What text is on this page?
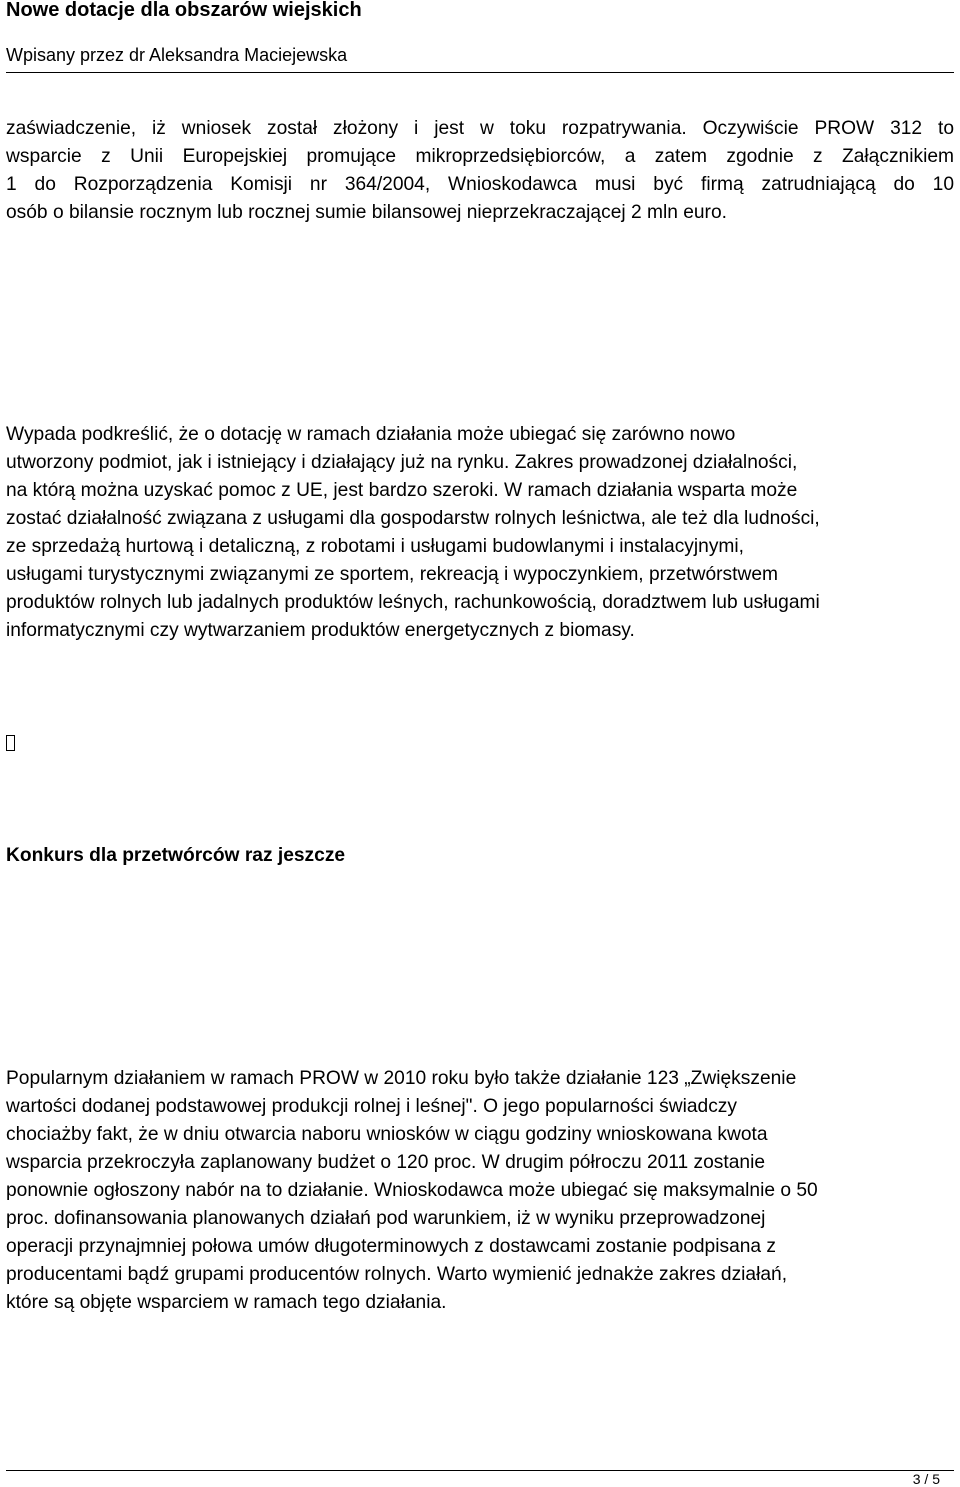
Nowe dotacje dla obszarów wiejskich
Wpisany przez dr Aleksandra Maciejewska
zaświadczenie, iż wniosek został złożony i jest w toku rozpatrywania. Oczywiście PROW 312 to
wsparcie z Unii Europejskiej promujące mikroprzedsiębiorców, a zatem zgodnie z Załącznikiem
1 do Rozporządzenia Komisji nr 364/2004, Wnioskodawca musi być firmą zatrudniającą do 10
osób o bilansie rocznym lub rocznej sumie bilansowej nieprzekraczającej 2 mln euro.
Wypada podkreślić, że o dotację w ramach działania może ubiegać się zarówno nowo
utworzony podmiot, jak i istniejący i działający już na rynku. Zakres prowadzonej działalności,
na którą można uzyskać pomoc z UE, jest bardzo szeroki. W ramach działania wsparta może
zostać działalność związana z usługami dla gospodarstw rolnych leśnictwa, ale też dla ludności,
ze sprzedażą hurtową i detaliczną, z robotami i usługami budowlanymi i instalacyjnymi,
usługami turystycznymi związanymi ze sportem, rekreacją i wypoczynkiem, przetwórstwem
produktów rolnych lub jadalnych produktów leśnych, rachunkowością, doradztwem lub usługami
informatycznymi czy wytwarzaniem produktów energetycznych z biomasy.
Konkurs dla przetwórców raz jeszcze
Popularnym działaniem w ramach PROW w 2010 roku było także działanie 123 „Zwiększenie
wartości dodanej podstawowej produkcji rolnej i leśnej". O jego popularności świadczy
chociażby fakt, że w dniu otwarcia naboru wniosków w ciągu godziny wnioskowana kwota
wsparcia przekroczyła zaplanowany budżet o 120 proc. W drugim półroczu 2011 zostanie
ponownie ogłoszony nabór na to działanie. Wnioskodawca może ubiegać się maksymalnie o 50
proc. dofinansowania planowanych działań pod warunkiem, iż w wyniku przeprowadzonej
operacji przynajmniej połowa umów długoterminowych z dostawcami zostanie podpisana z
producentami bądź grupami producentów rolnych. Warto wymienić jednakże zakres działań,
które są objęte wsparciem w ramach tego działania.
3 / 5
